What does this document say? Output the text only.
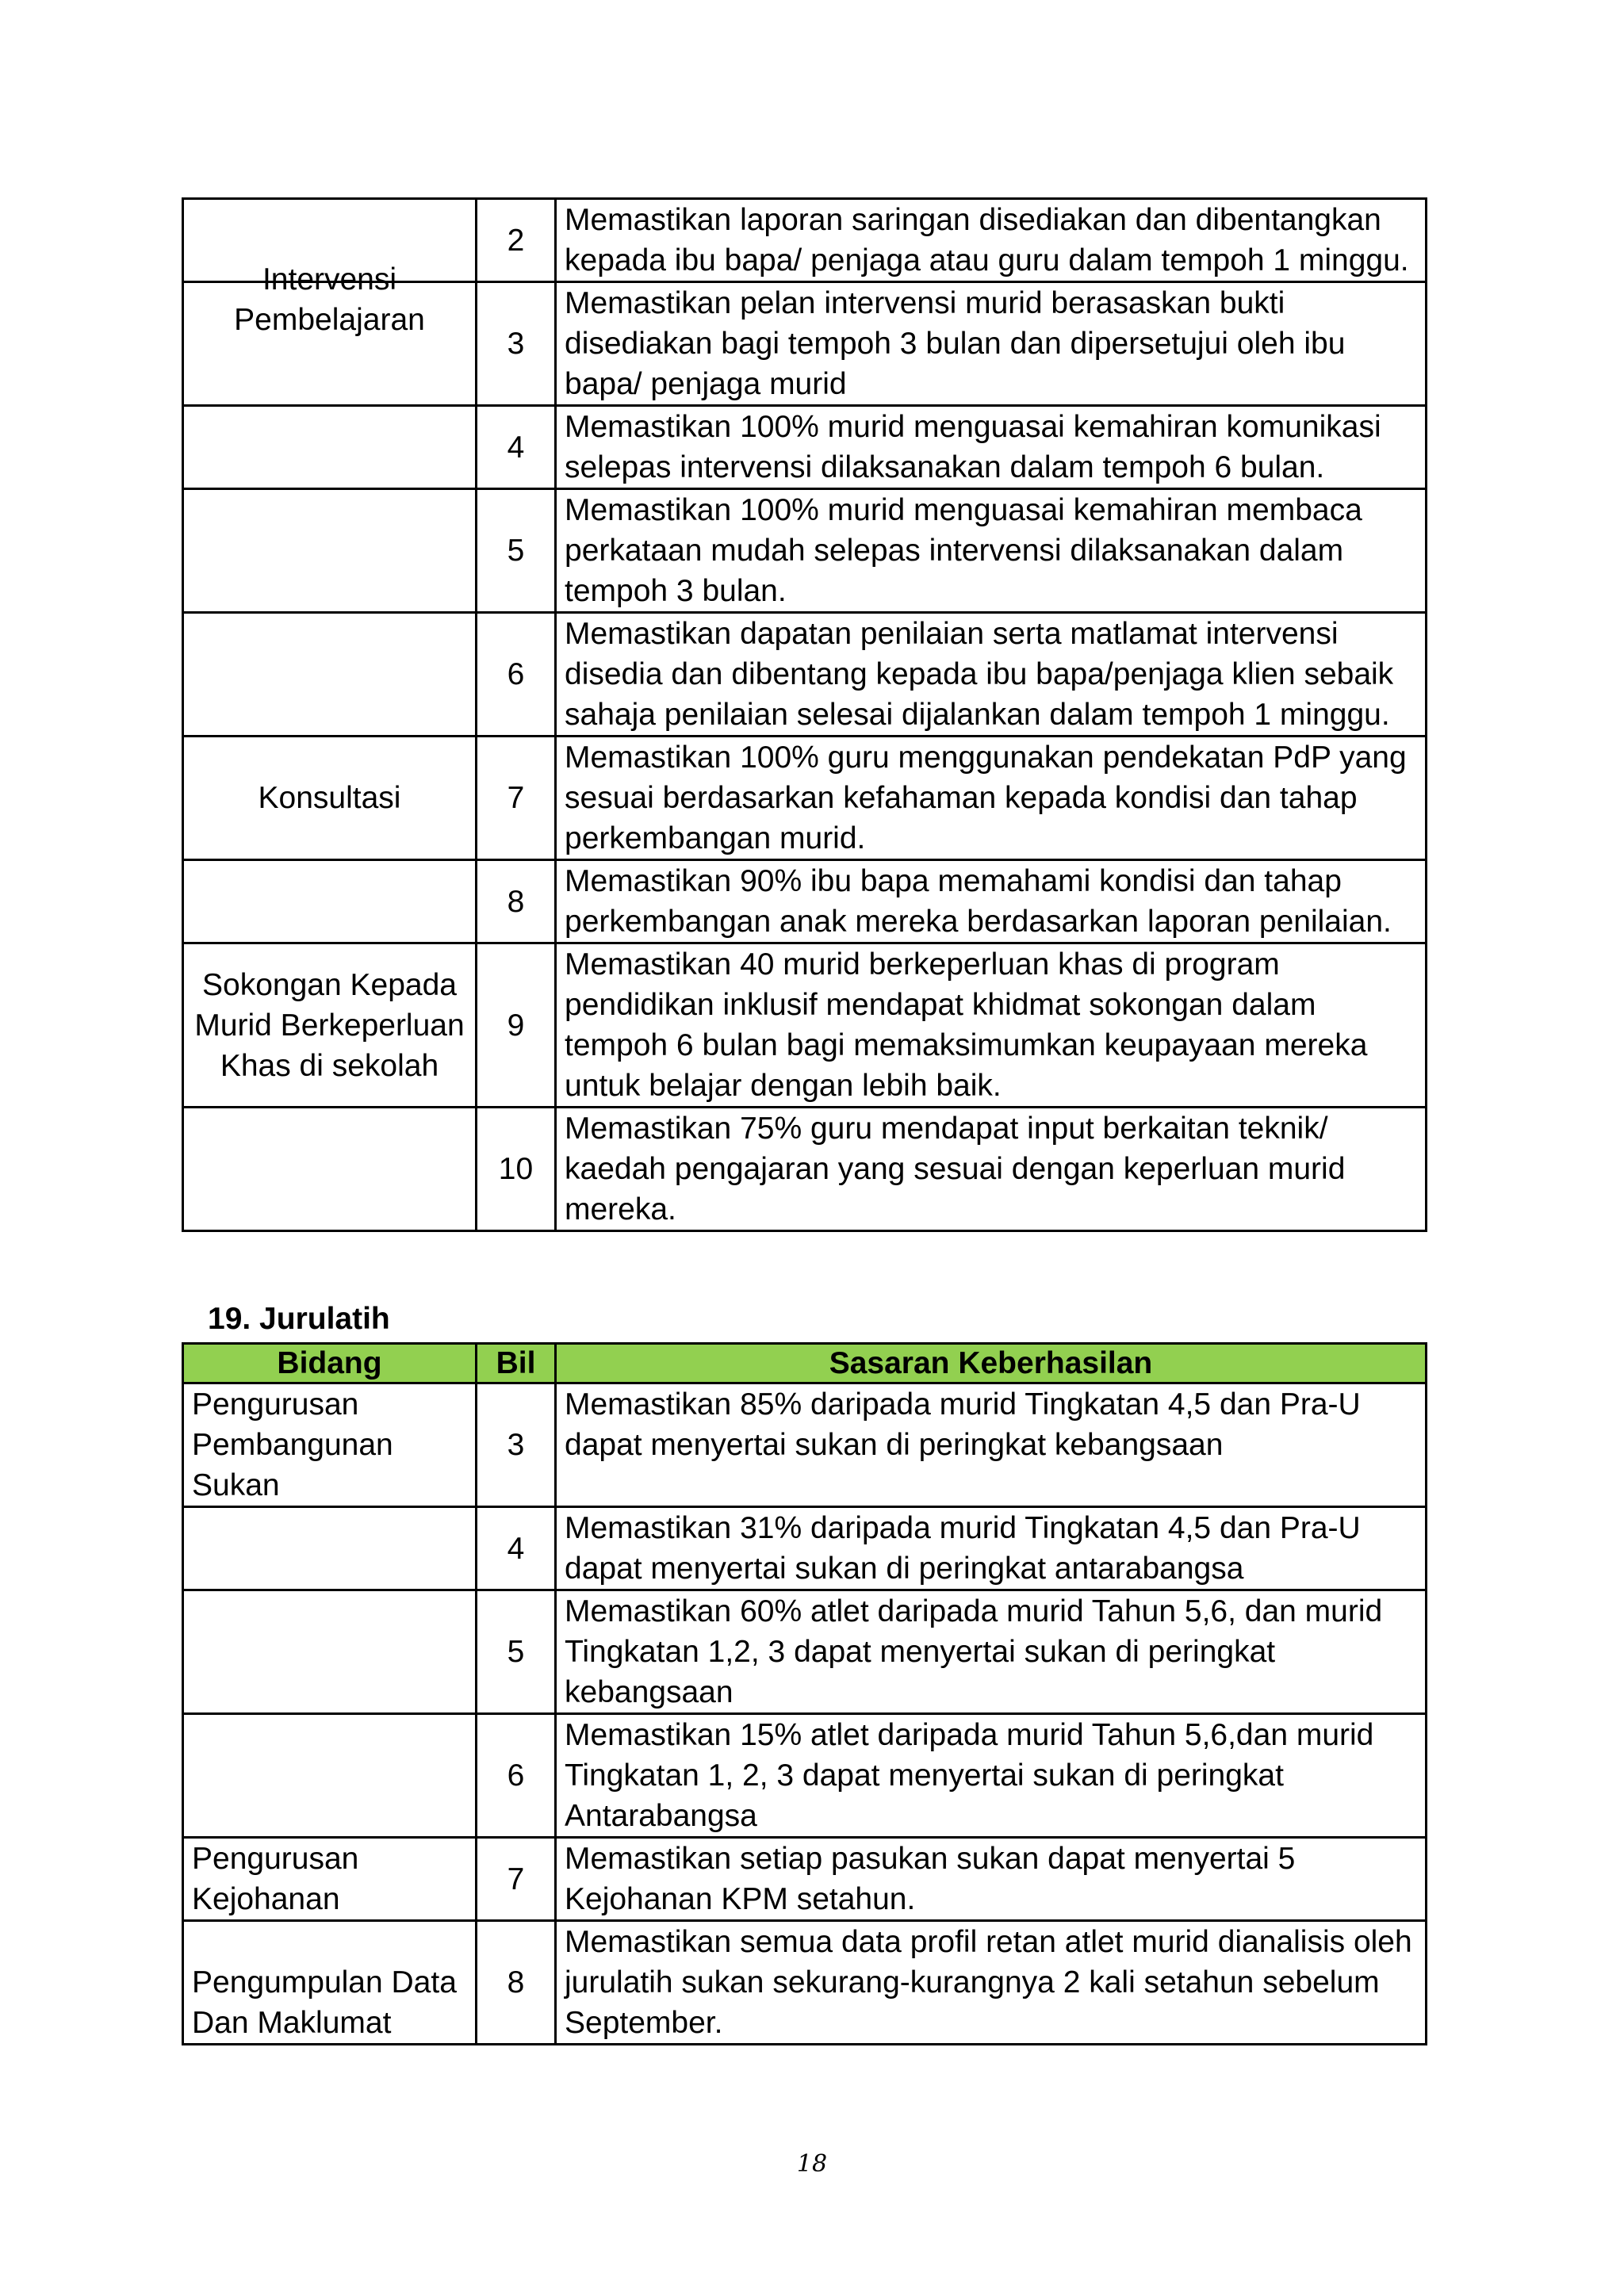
	2	Memastikan laporan saringan disediakan dan dibentangkan kepada ibu bapa/ penjaga atau guru dalam tempoh 1 minggu.
Intervensi Pembelajaran	3	Memastikan pelan intervensi murid berasaskan bukti disediakan bagi tempoh 3 bulan dan dipersetujui oleh ibu bapa/ penjaga murid
	4	Memastikan 100% murid menguasai kemahiran komunikasi selepas intervensi dilaksanakan dalam tempoh 6 bulan.
	5	Memastikan 100% murid menguasai kemahiran membaca perkataan mudah selepas intervensi dilaksanakan dalam tempoh 3 bulan.
	6	Memastikan dapatan penilaian serta matlamat intervensi disedia dan dibentang kepada ibu bapa/penjaga klien sebaik sahaja penilaian selesai dijalankan dalam tempoh 1 minggu.
Konsultasi	7	Memastikan 100% guru menggunakan pendekatan PdP yang sesuai berdasarkan kefahaman kepada kondisi dan tahap perkembangan murid.
	8	Memastikan 90% ibu bapa memahami kondisi dan tahap perkembangan anak mereka berdasarkan laporan penilaian.
Sokongan Kepada Murid Berkeperluan Khas di sekolah	9	Memastikan 40 murid berkeperluan khas di program pendidikan inklusif mendapat khidmat sokongan dalam tempoh 6 bulan bagi memaksimumkan keupayaan mereka untuk belajar dengan lebih baik.
	10	Memastikan 75% guru mendapat input berkaitan teknik/ kaedah pengajaran yang sesuai dengan keperluan murid mereka.
19. Jurulatih
Bidang	Bil	Sasaran Keberhasilan
Pengurusan Pembangunan Sukan	3	Memastikan 85% daripada murid Tingkatan 4,5 dan Pra-U dapat menyertai sukan di peringkat kebangsaan
	4	Memastikan 31% daripada murid Tingkatan 4,5 dan Pra-U dapat menyertai sukan di peringkat antarabangsa
	5	Memastikan 60% atlet daripada murid Tahun 5,6, dan murid Tingkatan 1,2, 3 dapat menyertai sukan di peringkat kebangsaan
	6	Memastikan 15% atlet daripada murid Tahun 5,6,dan murid Tingkatan 1, 2, 3 dapat menyertai sukan di peringkat Antarabangsa
Pengurusan Kejohanan	7	Memastikan setiap pasukan sukan dapat menyertai 5 Kejohanan KPM setahun.
Pengumpulan Data Dan Maklumat	8	Memastikan semua data profil retan atlet murid dianalisis oleh jurulatih sukan sekurang-kurangnya 2 kali setahun sebelum September.
18
